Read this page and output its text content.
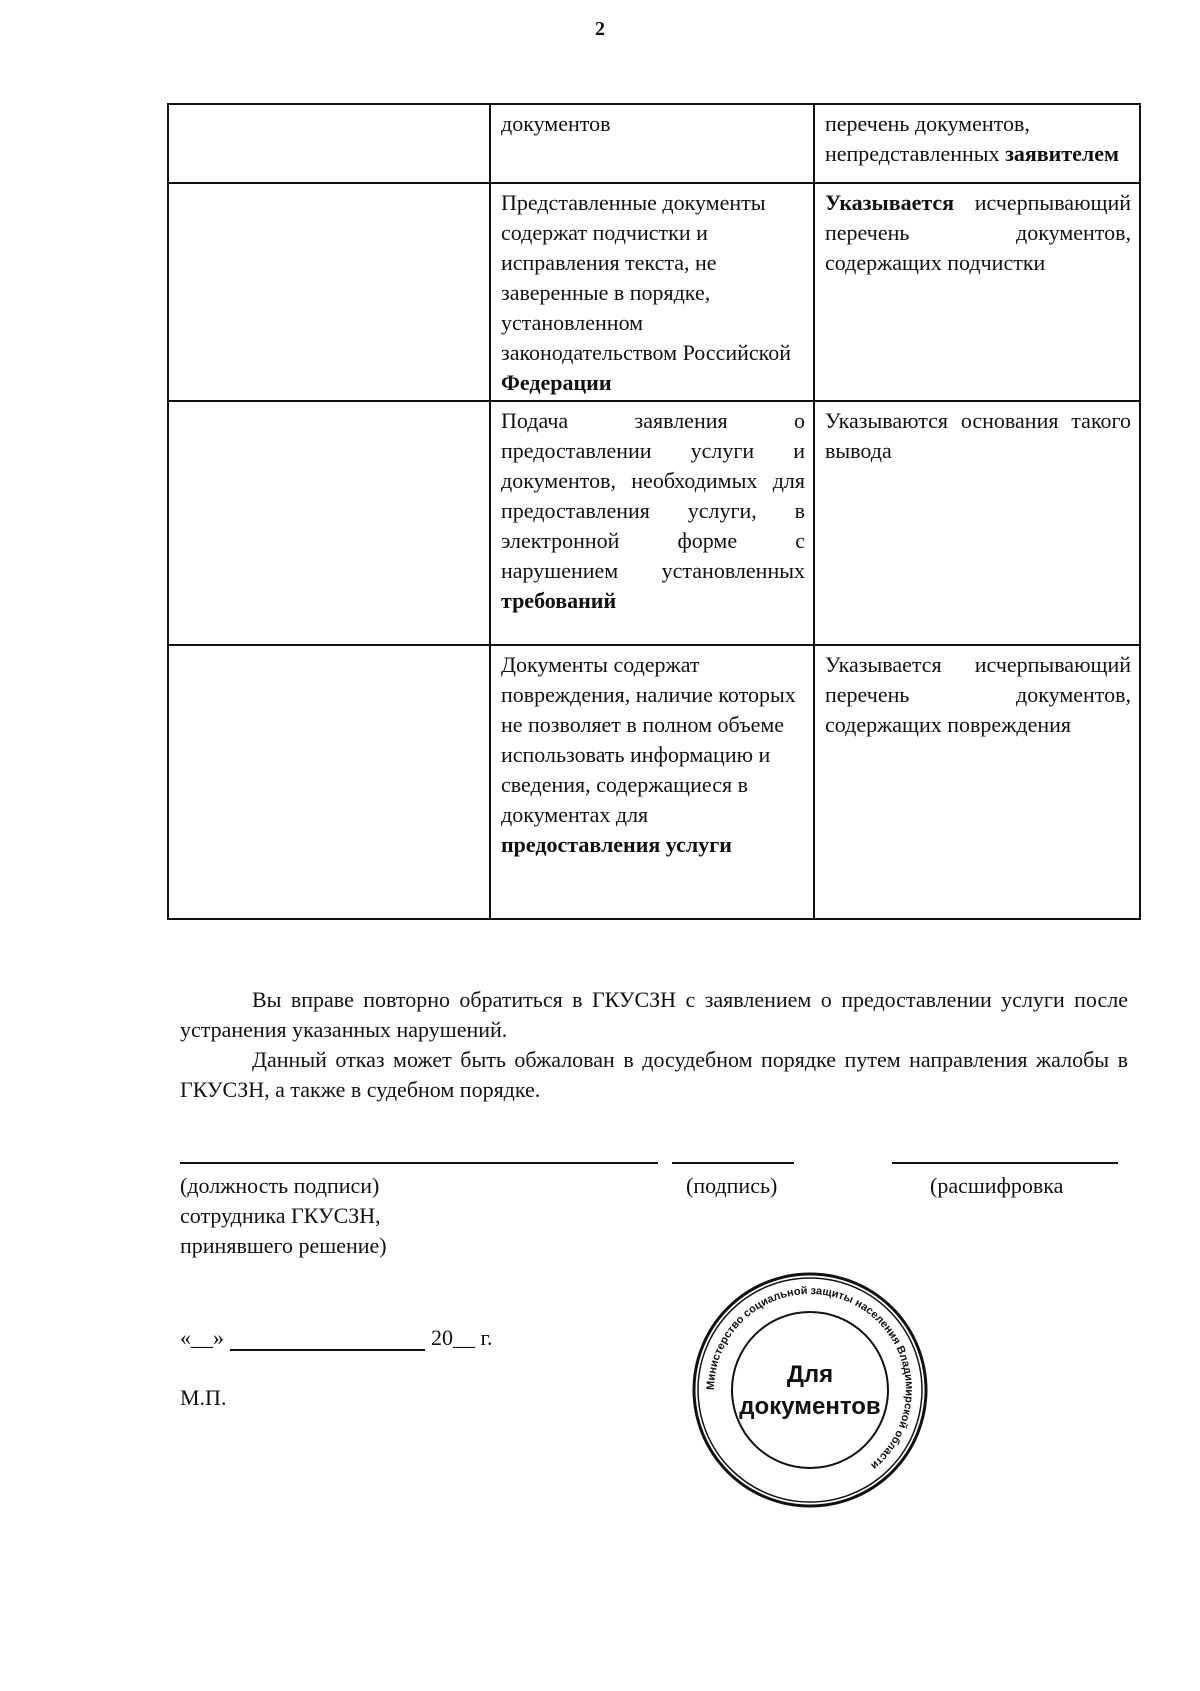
2
	документов	перечень документов, непредставленных заявителем
	Представленные документы содержат подчистки и исправления текста, не заверенные в порядке, установленном законодательством Российской Федерации	Указывается исчерпывающий перечень документов, содержащих подчистки
	Подача заявления о предоставлении услуги и документов, необходимых для предоставления услуги, в электронной форме с нарушением установленных требований	Указываются основания такого вывода
	Документы содержат повреждения, наличие которых не позволяет в полном объеме использовать информацию и сведения, содержащиеся в документах для предоставления услуги	Указывается исчерпывающий перечень документов, содержащих повреждения
Вы вправе повторно обратиться в ГКУСЗН с заявлением о предоставлении услуги после устранения указанных нарушений.
Данный отказ может быть обжалован в досудебном порядке путем направления жалобы в ГКУСЗН, а также в судебном порядке.
(должность подписи) сотрудника ГКУСЗН, принявшего решение)
(подпись)	(расшифровка
«__»	20__ г.
М.П.	Министерство социальной защиты населения Владимирской области
Для
документов
